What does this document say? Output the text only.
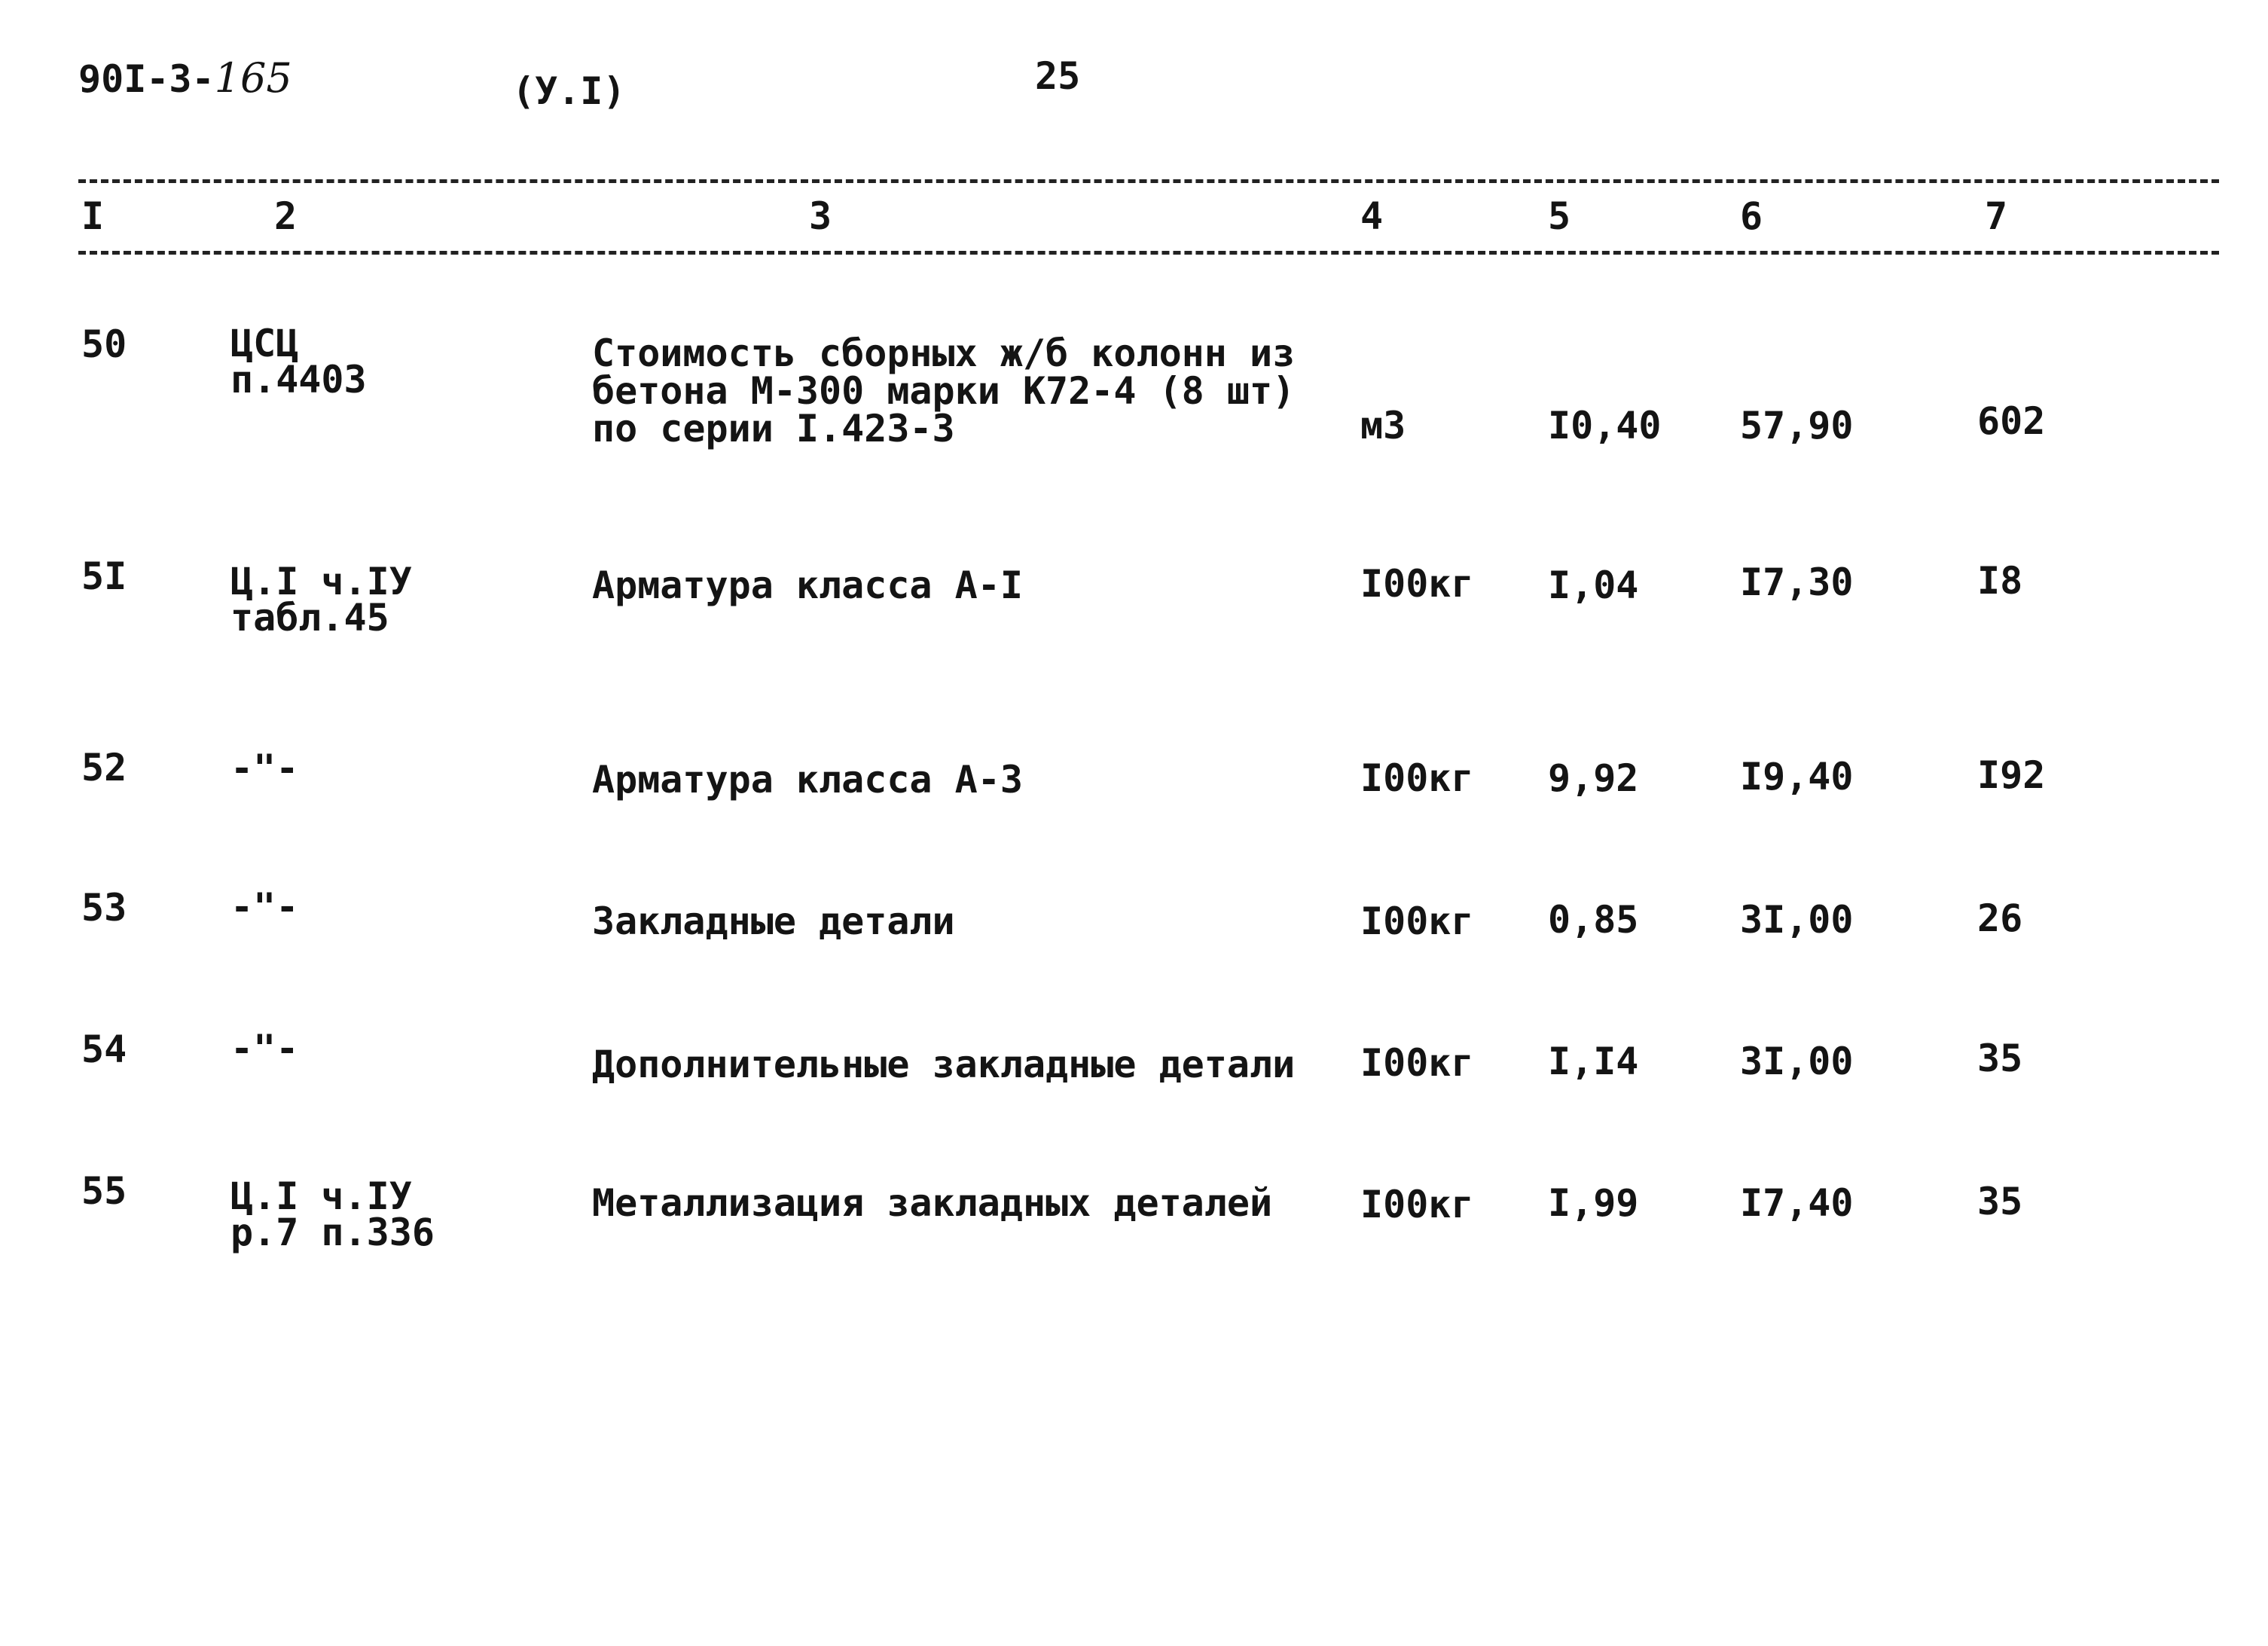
90I-3-165	(У.I)	25
I	2	3	4	5	6	7
50	ЦСЦ
п.4403
Стоимость сборных ж/б колонн из
бетона М-300 марки К72-4 (8 шт)
по серии I.423-3	м3	I0,40 57,90	602
5I	Ц.I ч.IУ
табл.45
Арматура класса А-I	I00кг I,04	I7,30	I8
52	-"-	Арматура класса А-3	I00кг 9,92	I9,40	I92
53	-"-	Закладные детали	I00кг 0,85	3I,00	26
54	-"-	Дополнительные закладные детали I00кг I,I4	3I,00	35
55	Ц.I ч.IУ
р.7 п.336
Металлизация закладных деталей I00кг I,99	I7,40	35
